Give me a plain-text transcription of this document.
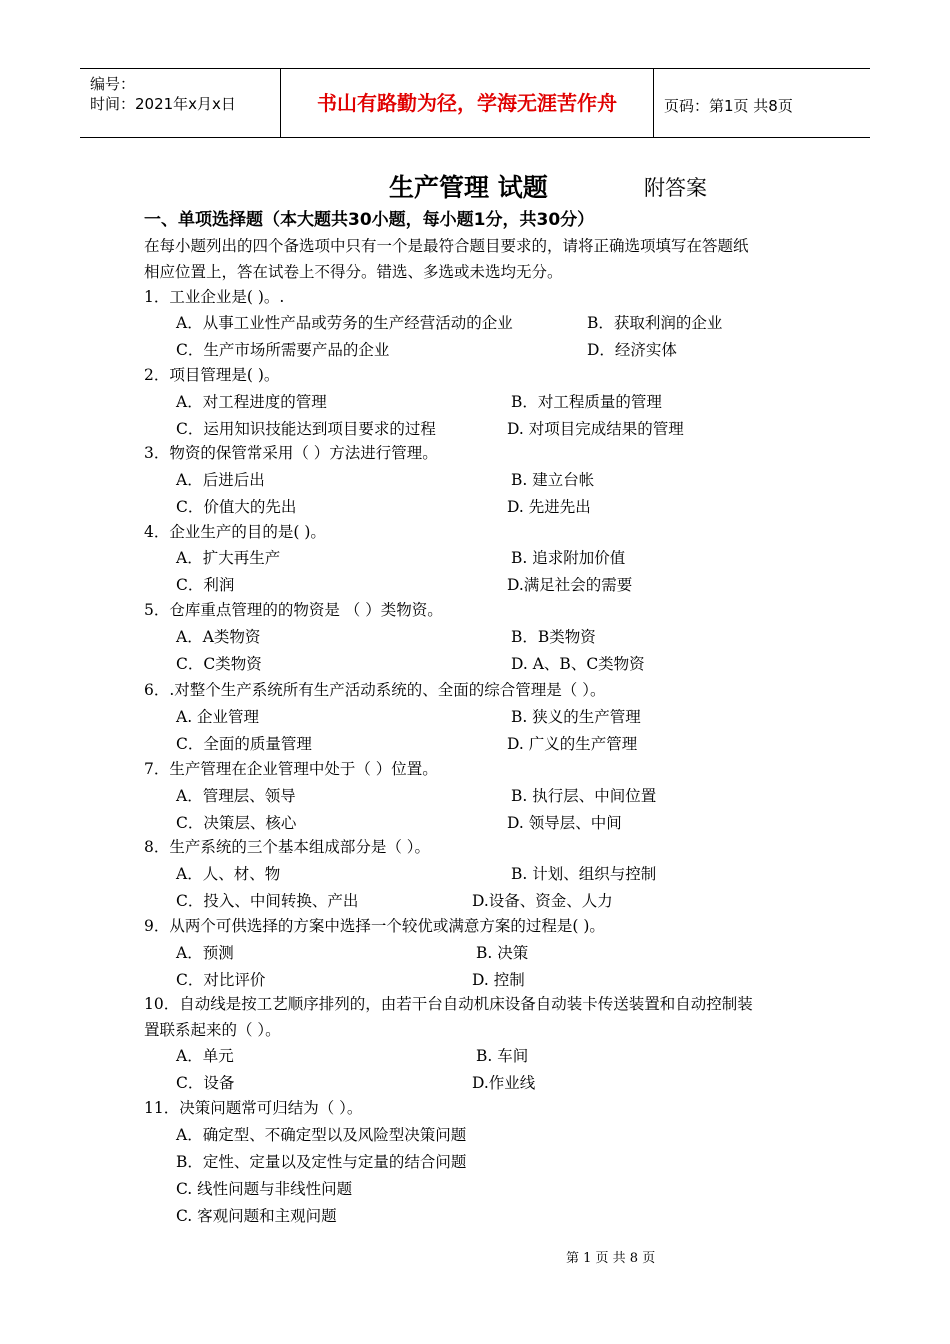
编号：
时间：2021年x月x日	书山有路勤为径，学海无涯苦作舟	页码：第1页 共8页
生产管理 试题	附答案
一、单项选择题（本大题共30小题，每小题1分，共30分）
在每小题列出的四个备选项中只有一个是最符合题目要求的，请将正确选项填写在答题纸
相应位置上，答在试卷上不得分。错选、多选或未选均无分。
1．工业企业是( )。.
A．从事工业性产品或劳务的生产经营活动的企业	B．获取利润的企业
C．生产市场所需要产品的企业	D．经济实体
2．项目管理是( )。
A．对工程进度的管理	B．对工程质量的管理
C．运用知识技能达到项目要求的过程	D. 对项目完成结果的管理
3．物资的保管常采用（ ）方法进行管理。
A．后进后出	B. 建立台帐
C．价值大的先出	D. 先进先出
4．企业生产的目的是( )。
A．扩大再生产	B. 追求附加价值
C．利润	D.满足社会的需要
5．仓库重点管理的的物资是 （ ）类物资。
A．A类物资	B．B类物资
C．C类物资	D. A、B、C类物资
6．.对整个生产系统所有生产活动系统的、全面的综合管理是（ ）。
A. 企业管理	B. 狭义的生产管理
C．全面的质量管理	D. 广义的生产管理
7．生产管理在企业管理中处于（ ）位置。
A．管理层、领导	B. 执行层、中间位置
C．决策层、核心	D. 领导层、中间
8．生产系统的三个基本组成部分是（ ）。
A．人、材、物	B. 计划、组织与控制
C．投入、中间转换、产出	D.设备、资金、人力
9．从两个可供选择的方案中选择一个较优或满意方案的过程是( )。
A．预测	B. 决策
C．对比评价	D. 控制
10．自动线是按工艺顺序排列的，由若干台自动机床设备自动装卡传送装置和自动控制装
置联系起来的（ ）。
A．单元	B. 车间
C．设备	D.作业线
11．决策问题常可归结为（ ）。
A．确定型、不确定型以及风险型决策问题
B．定性、定量以及定性与定量的结合问题
C. 线性问题与非线性问题
C. 客观问题和主观问题
第 1 页 共 8 页
